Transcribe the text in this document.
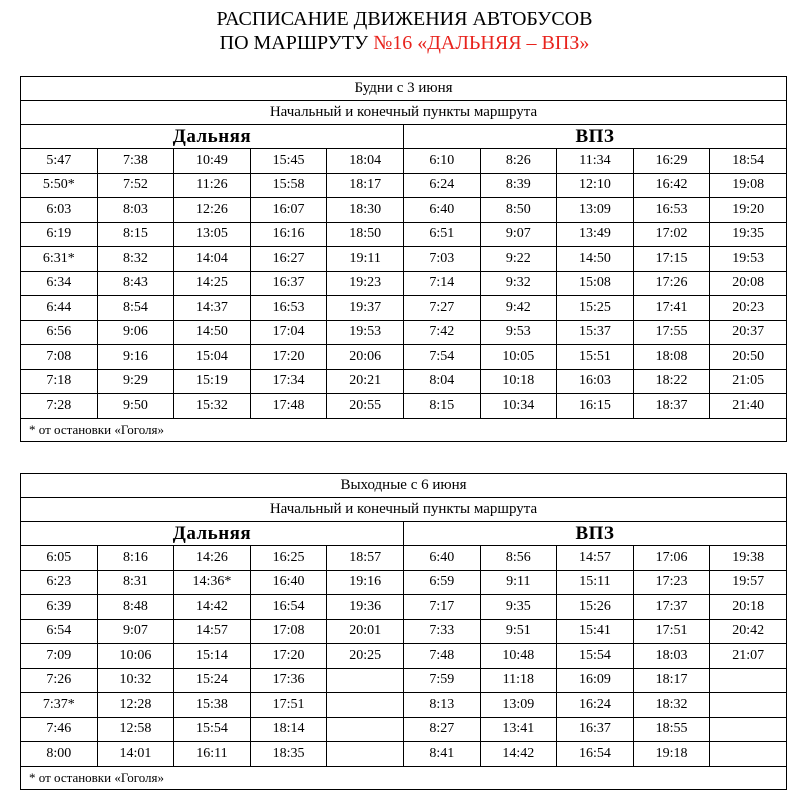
РАСПИСАНИЕ ДВИЖЕНИЯ АВТОБУСОВ
ПО МАРШРУТУ №16 «ДАЛЬНЯЯ – ВПЗ»
Будни с 3 июня									
Начальный и конечный пункты маршрута									
Дальняя					ВПЗ				
5:47	7:38	10:49	15:45	18:04	6:10	8:26	11:34	16:29	18:54
5:50*	7:52	11:26	15:58	18:17	6:24	8:39	12:10	16:42	19:08
6:03	8:03	12:26	16:07	18:30	6:40	8:50	13:09	16:53	19:20
6:19	8:15	13:05	16:16	18:50	6:51	9:07	13:49	17:02	19:35
6:31*	8:32	14:04	16:27	19:11	7:03	9:22	14:50	17:15	19:53
6:34	8:43	14:25	16:37	19:23	7:14	9:32	15:08	17:26	20:08
6:44	8:54	14:37	16:53	19:37	7:27	9:42	15:25	17:41	20:23
6:56	9:06	14:50	17:04	19:53	7:42	9:53	15:37	17:55	20:37
7:08	9:16	15:04	17:20	20:06	7:54	10:05	15:51	18:08	20:50
7:18	9:29	15:19	17:34	20:21	8:04	10:18	16:03	18:22	21:05
7:28	9:50	15:32	17:48	20:55	8:15	10:34	16:15	18:37	21:40
* от остановки «Гоголя»									
Выходные с 6 июня									
Начальный и конечный пункты маршрута									
Дальняя					ВПЗ				
6:05	8:16	14:26	16:25	18:57	6:40	8:56	14:57	17:06	19:38
6:23	8:31	14:36*	16:40	19:16	6:59	9:11	15:11	17:23	19:57
6:39	8:48	14:42	16:54	19:36	7:17	9:35	15:26	17:37	20:18
6:54	9:07	14:57	17:08	20:01	7:33	9:51	15:41	17:51	20:42
7:09	10:06	15:14	17:20	20:25	7:48	10:48	15:54	18:03	21:07
7:26	10:32	15:24	17:36		7:59	11:18	16:09	18:17	
7:37*	12:28	15:38	17:51		8:13	13:09	16:24	18:32	
7:46	12:58	15:54	18:14		8:27	13:41	16:37	18:55	
8:00	14:01	16:11	18:35		8:41	14:42	16:54	19:18	
* от остановки «Гоголя»									
